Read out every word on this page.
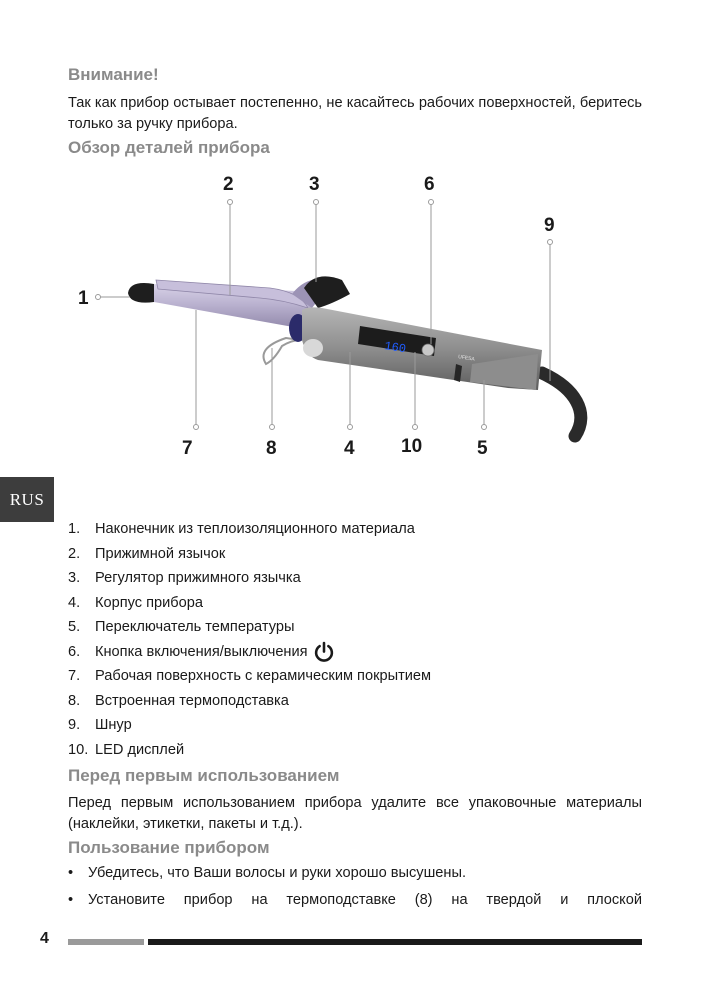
Внимание!

Так как прибор остывает постепенно, не касайтесь рабочих поверхностей, беритесь только за ручку прибора.

Обзор деталей прибора
160
UFESA
1
2	3	6
9
7	8	4 10	5
RUS
1.	Наконечник из теплоизоляционного материала
2.	Прижимной язычок
3.	Регулятор прижимного язычка
4.	Корпус прибора
5.	Переключатель температуры
6.	Кнопка включения/выключения
7.	Рабочая поверхность с керамическим покрытием
8.	Встроенная термоподставка
9.	Шнур
10. LED дисплей
Перед первым использованием

Перед первым использованием прибора удалите все упаковочные материалы (наклейки, этикетки, пакеты и т.д.).

Пользование прибором
• Убедитесь, что Ваши волосы и руки хорошо высушены.
• Установите прибор на термоподставке (8) на твердой и плоской
4
